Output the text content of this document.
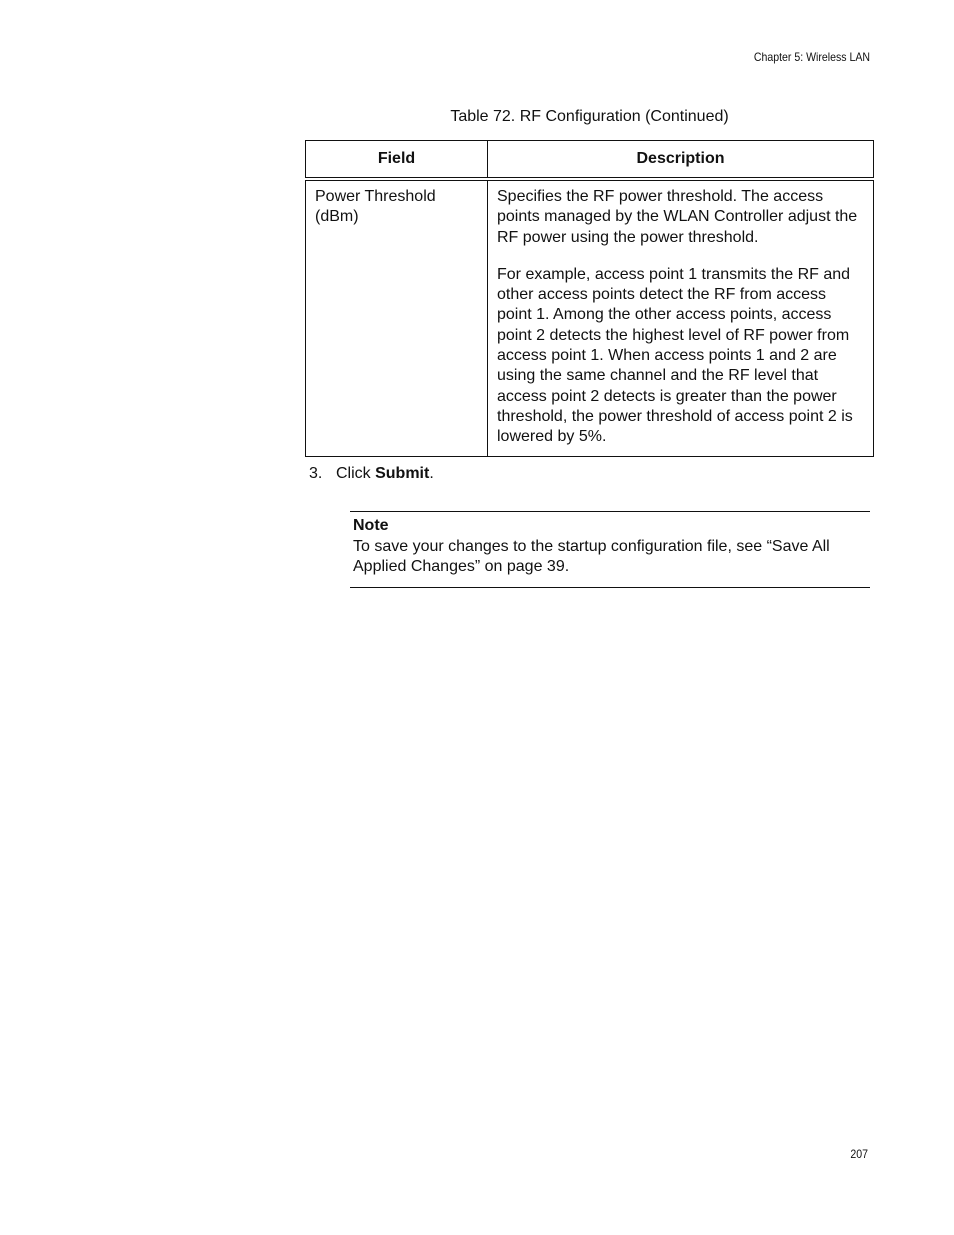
Chapter 5: Wireless LAN
Table 72. RF Configuration (Continued)
Field	Description
Power Threshold (dBm)	Specifies the RF power threshold. The access points managed by the WLAN Controller adjust the RF power using the power threshold.

For example, access point 1 transmits the RF and other access points detect the RF from access point 1. Among the other access points, access point 2 detects the highest level of RF power from access point 1. When access points 1 and 2 are using the same channel and the RF level that access point 2 detects is greater than the power threshold, the power threshold of access point 2 is lowered by 5%.

3. Click Submit.
Note
To save your changes to the startup configuration file, see “Save All Applied Changes” on page 39.
207
